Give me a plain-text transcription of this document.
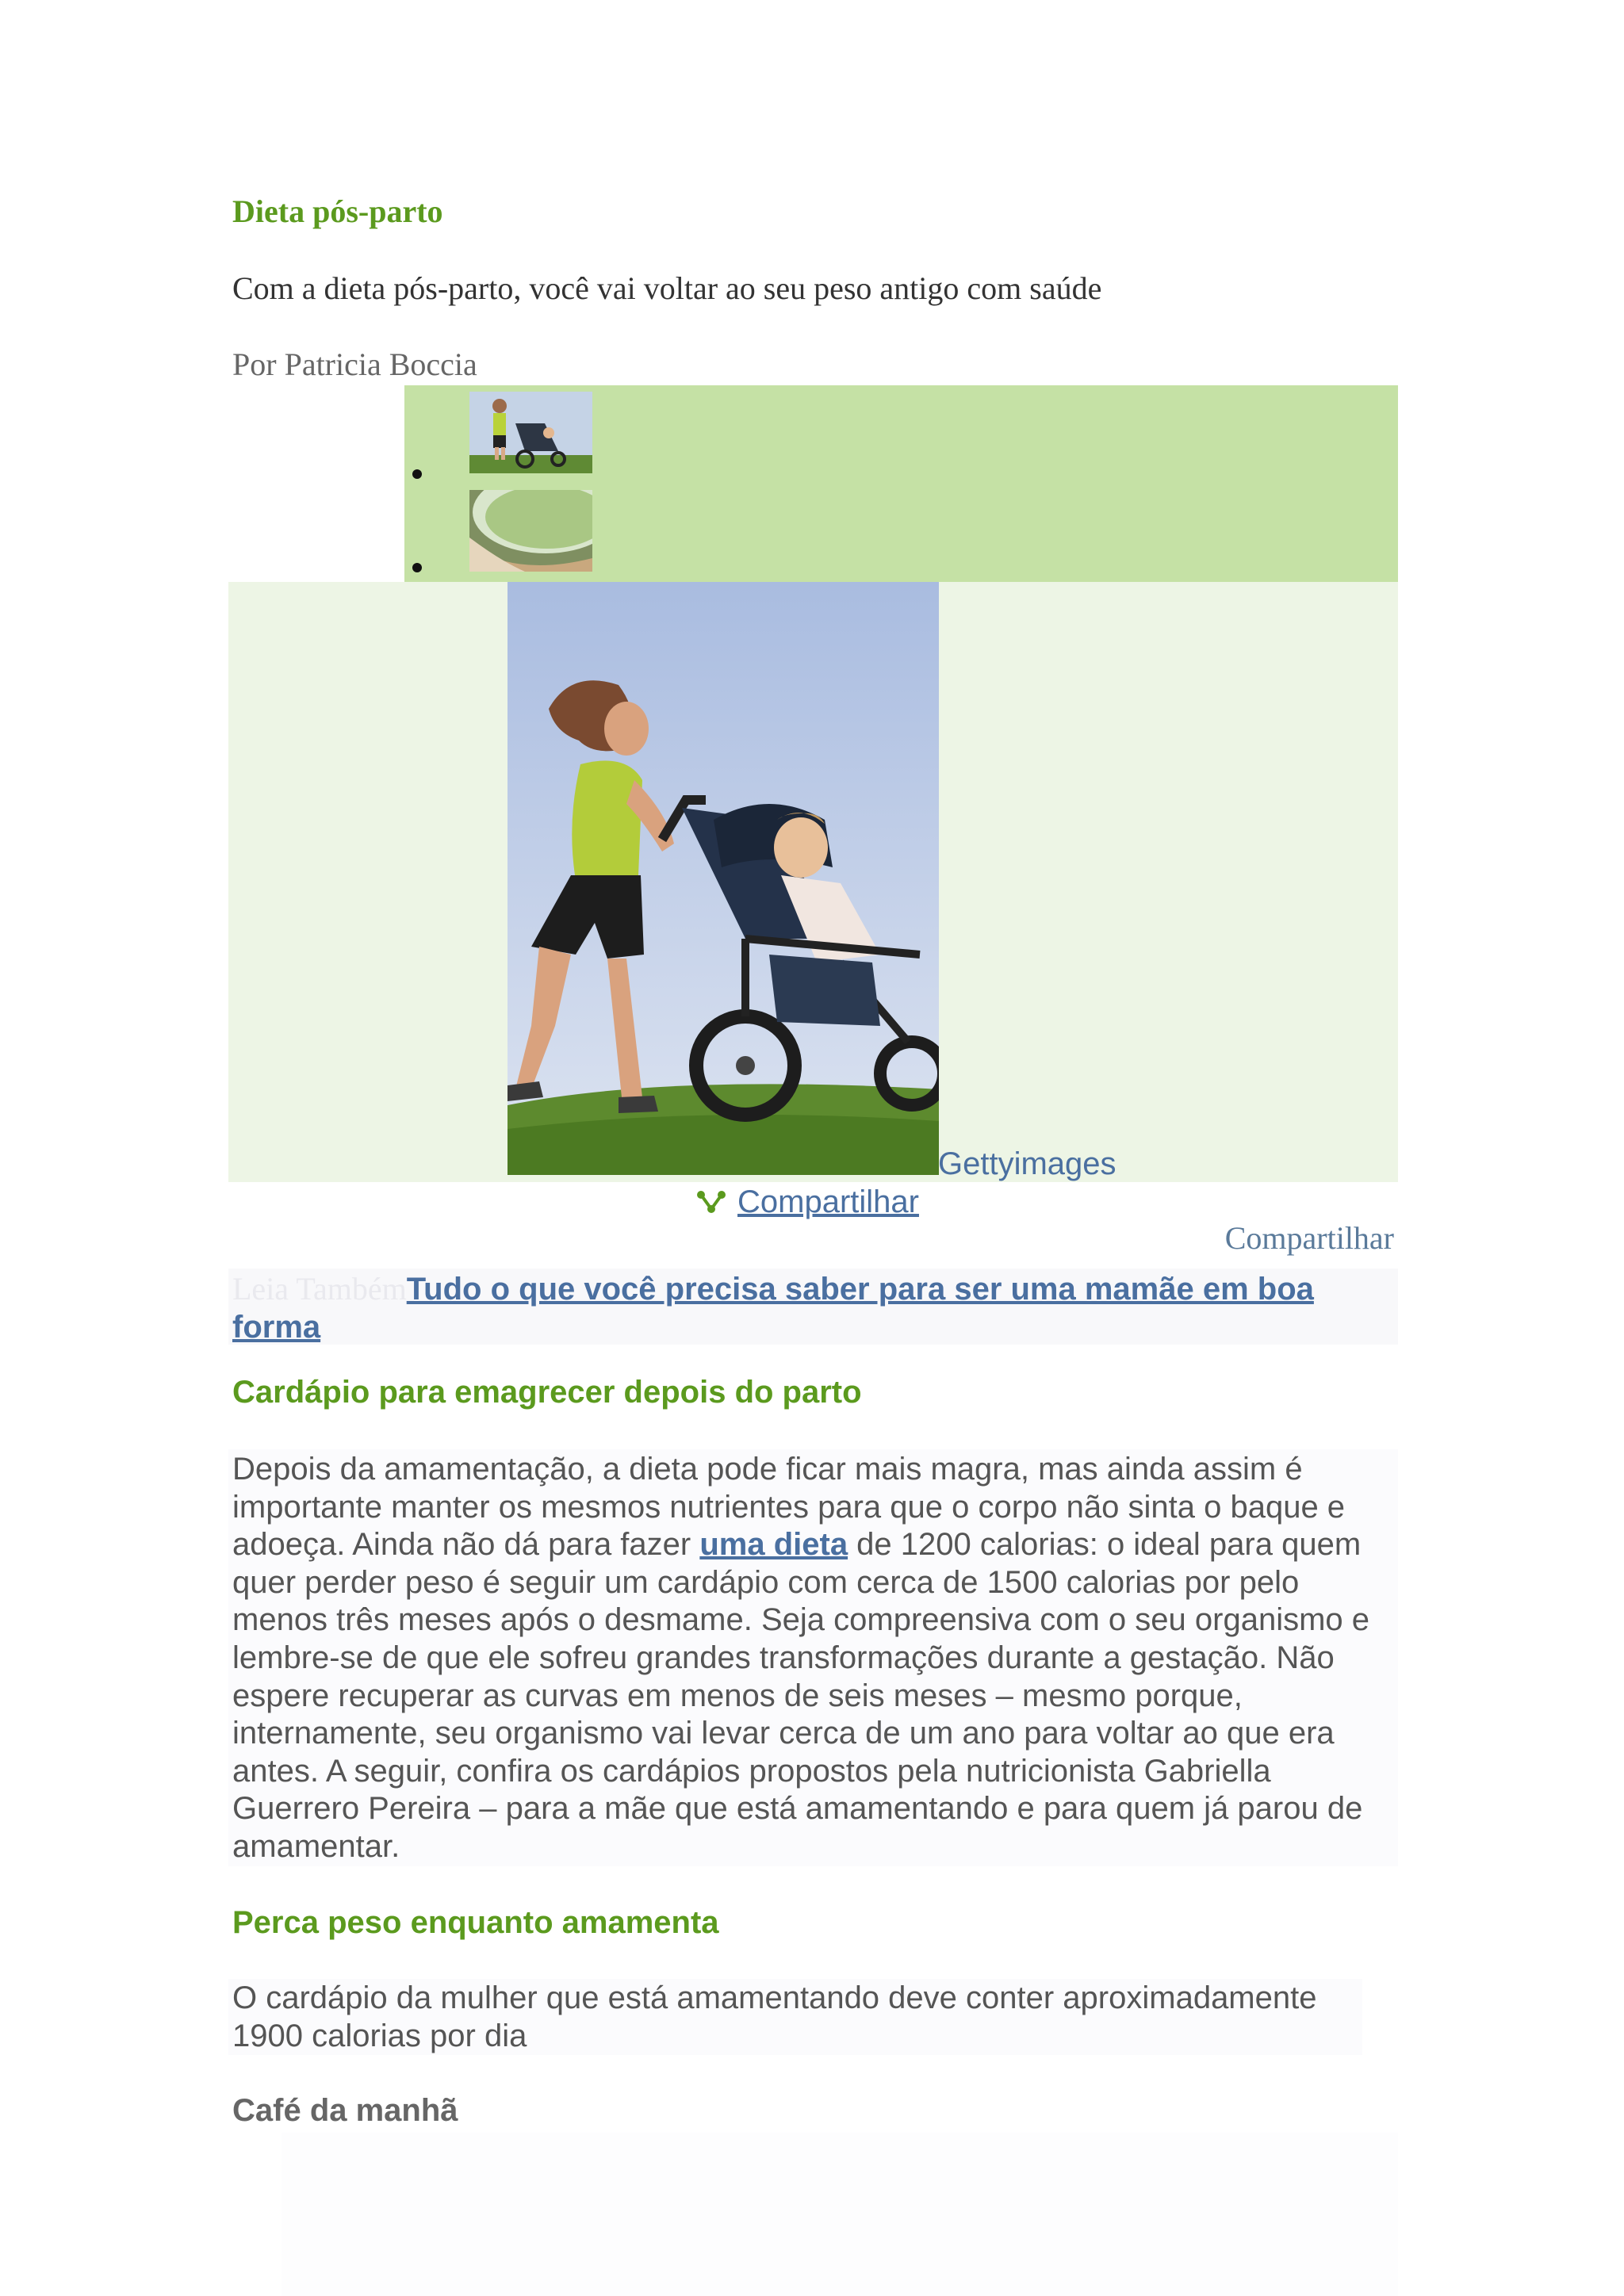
Dieta pós-parto

Com a dieta pós-parto, você vai voltar ao seu peso antigo com saúde

Por Patricia Boccia

Gettyimages
Compartilhar
Compartilhar

Leia TambémTudo o que você precisa saber para ser uma mamãe em boa forma

Cardápio para emagrecer depois do parto

Depois da amamentação, a dieta pode ficar mais magra, mas ainda assim é importante manter os mesmos nutrientes para que o corpo não sinta o baque e adoeça. Ainda não dá para fazer uma dieta de 1200 calorias: o ideal para quem quer perder peso é seguir um cardápio com cerca de 1500 calorias por pelo menos três meses após o desmame. Seja compreensiva com o seu organismo e lembre-se de que ele sofreu grandes transformações durante a gestação. Não espere recuperar as curvas em menos de seis meses – mesmo porque, internamente, seu organismo vai levar cerca de um ano para voltar ao que era antes. A seguir, confira os cardápios propostos pela nutricionista Gabriella Guerrero Pereira – para a mãe que está amamentando e para quem já parou de amamentar.

Perca peso enquanto amamenta

O cardápio da mulher que está amamentando deve conter aproximadamente 1900 calorias por dia

Café da manhã
